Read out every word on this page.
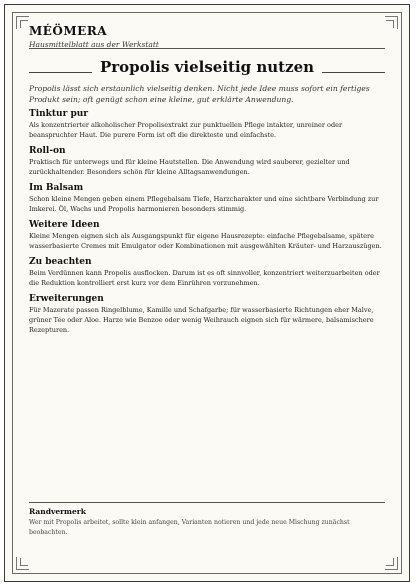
MÉÖMERA
Hausmittelblatt aus der Werkstatt
Propolis vielseitig nutzen
Propolis lässt sich erstaunlich vielseitig denken. Nicht jede Idee muss sofort ein fertiges Produkt sein; oft genügt schon eine kleine, gut erklärte Anwendung.
Tinktur pur

Als konzentrierter alkoholischer Propolisextrakt zur punktuellen Pflege intakter, unreiner oder beanspruchter Haut. Die purere Form ist oft die direkteste und einfachste.

Roll-on

Praktisch für unterwegs und für kleine Hautstellen. Die Anwendung wird sauberer, gezielter und zurückhaltender. Besonders schön für kleine Alltagsanwendungen.

Im Balsam

Schon kleine Mengen geben einem Pflegebalsam Tiefe, Harzcharakter und eine sichtbare Verbindung zur Imkerei. Öl, Wachs und Propolis harmonieren besonders stimmig.

Weitere Ideen

Kleine Mengen eignen sich als Ausgangspunkt für eigene Hausrezepte: einfache Pflegebalsame, spätere wasserbasierte Cremes mit Emulgator oder Kombinationen mit ausgewählten Kräuter- und Harzauszügen.

Zu beachten

Beim Verdünnen kann Propolis ausflocken. Darum ist es oft sinnvoller, konzentriert weiterzuarbeiten oder die Reduktion kontrolliert erst kurz vor dem Einrühren vorzunehmen.

Erweiterungen

Für Mazerate passen Ringelblume, Kamille und Schafgarbe; für wasserbasierte Richtungen eher Malve, grüner Tee oder Aloe. Harze wie Benzoe oder wenig Weihrauch eignen sich für wärmere, balsamischere Rezepturen.

Randvermerk

Wer mit Propolis arbeitet, sollte klein anfangen, Varianten notieren und jede neue Mischung zunächst beobachten.
